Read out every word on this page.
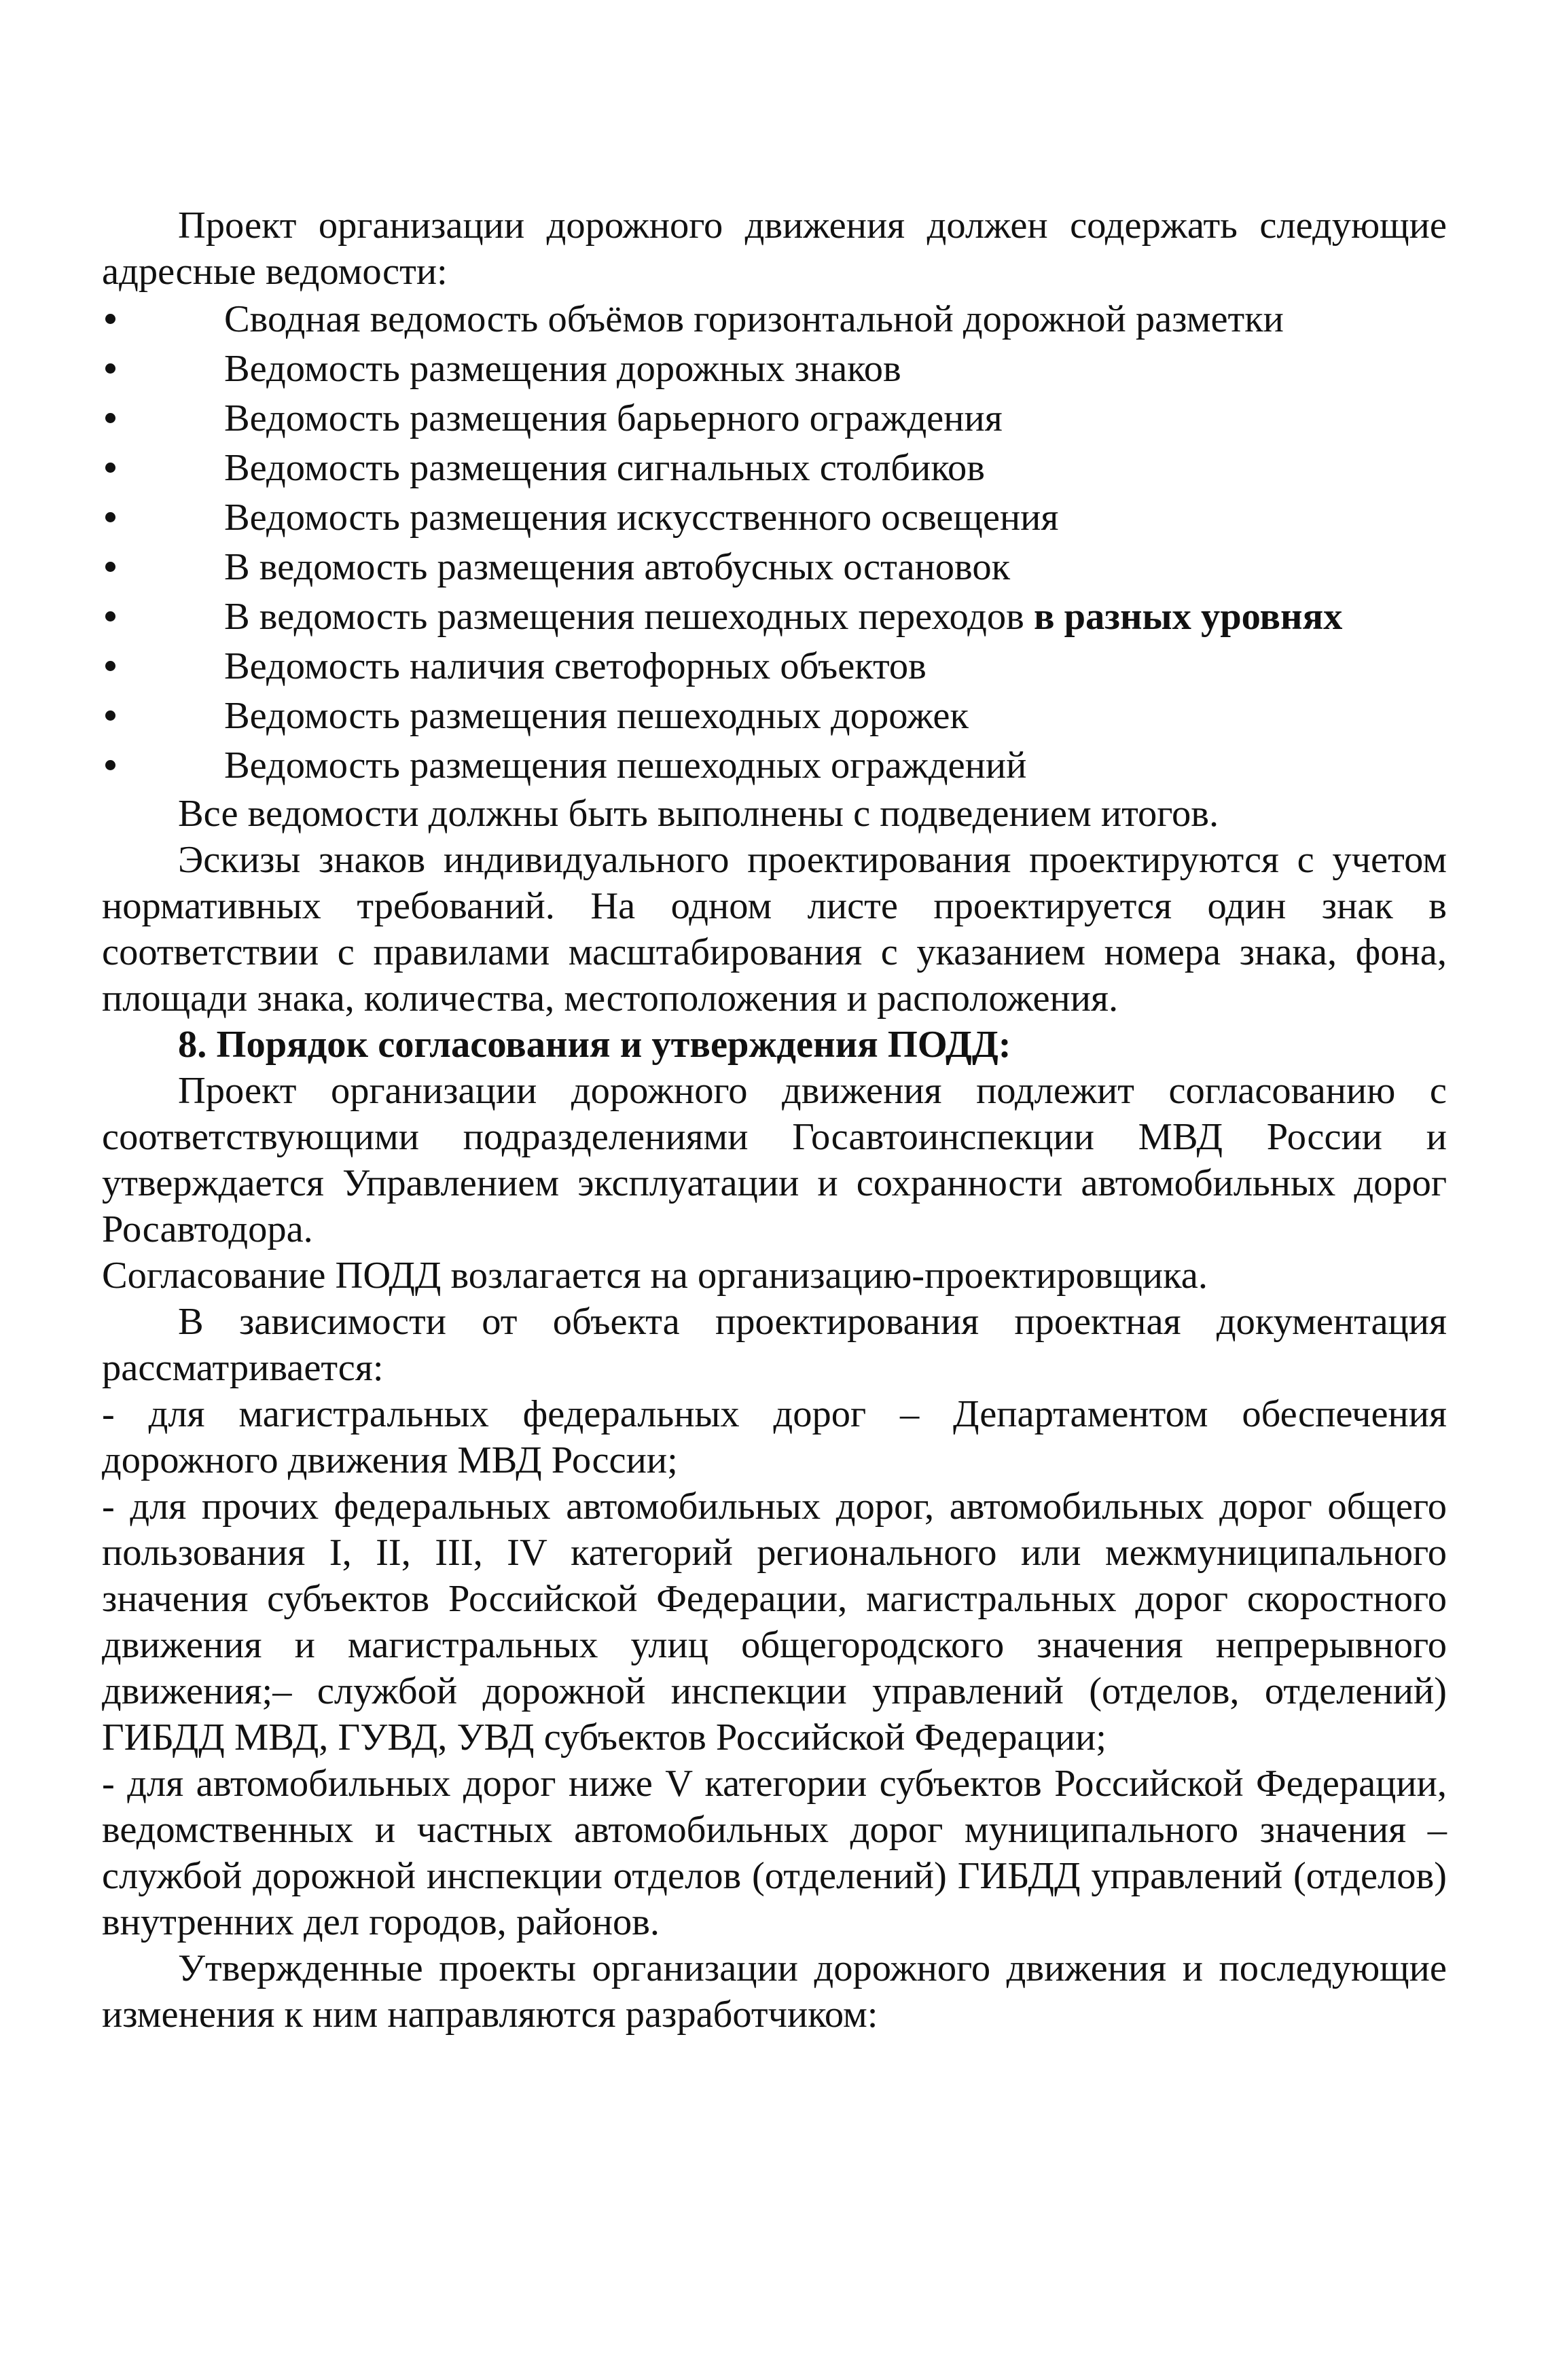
Проект организации дорожного движения должен содержать следующие адресные ведомости:

Сводная ведомость объёмов горизонтальной дорожной разметки
Ведомость размещения дорожных знаков
Ведомость размещения барьерного ограждения
Ведомость размещения сигнальных столбиков
Ведомость размещения искусственного освещения
В ведомость размещения автобусных остановок
В ведомость размещения пешеходных переходов в разных уровнях
Ведомость наличия светофорных объектов
Ведомость размещения пешеходных дорожек
Ведомость размещения пешеходных ограждений

Все ведомости должны быть выполнены с подведением итогов.

Эскизы знаков индивидуального проектирования проектируются с учетом нормативных требований. На одном листе проектируется один знак в соответствии с правилами масштабирования с указанием номера знака, фона, площади знака, количества, местоположения и расположения.

8. Порядок согласования и утверждения ПОДД:

Проект организации дорожного движения подлежит согласованию с соответствующими подразделениями Госавтоинспекции МВД России и утверждается Управлением эксплуатации и сохранности автомобильных дорог Росавтодора.

Согласование ПОДД возлагается на организацию-проектировщика.

В зависимости от объекта проектирования проектная документация рассматривается:

- для магистральных федеральных дорог – Департаментом обеспечения дорожного движения МВД России;

- для прочих федеральных автомобильных дорог, автомобильных дорог общего пользования I, II, III, IV категорий регионального или межмуниципального значения субъектов Российской Федерации, магистральных дорог скоростного движения и магистральных улиц общегородского значения непрерывного движения;– службой дорожной инспекции управлений (отделов, отделений) ГИБДД МВД, ГУВД, УВД субъектов Российской Федерации;

- для автомобильных дорог ниже V категории субъектов Российской Федерации, ведомственных и частных автомобильных дорог муниципального значения – службой дорожной инспекции отделов (отделений) ГИБДД управлений (отделов) внутренних дел городов, районов.

Утвержденные проекты организации дорожного движения и последующие изменения к ним направляются разработчиком:
